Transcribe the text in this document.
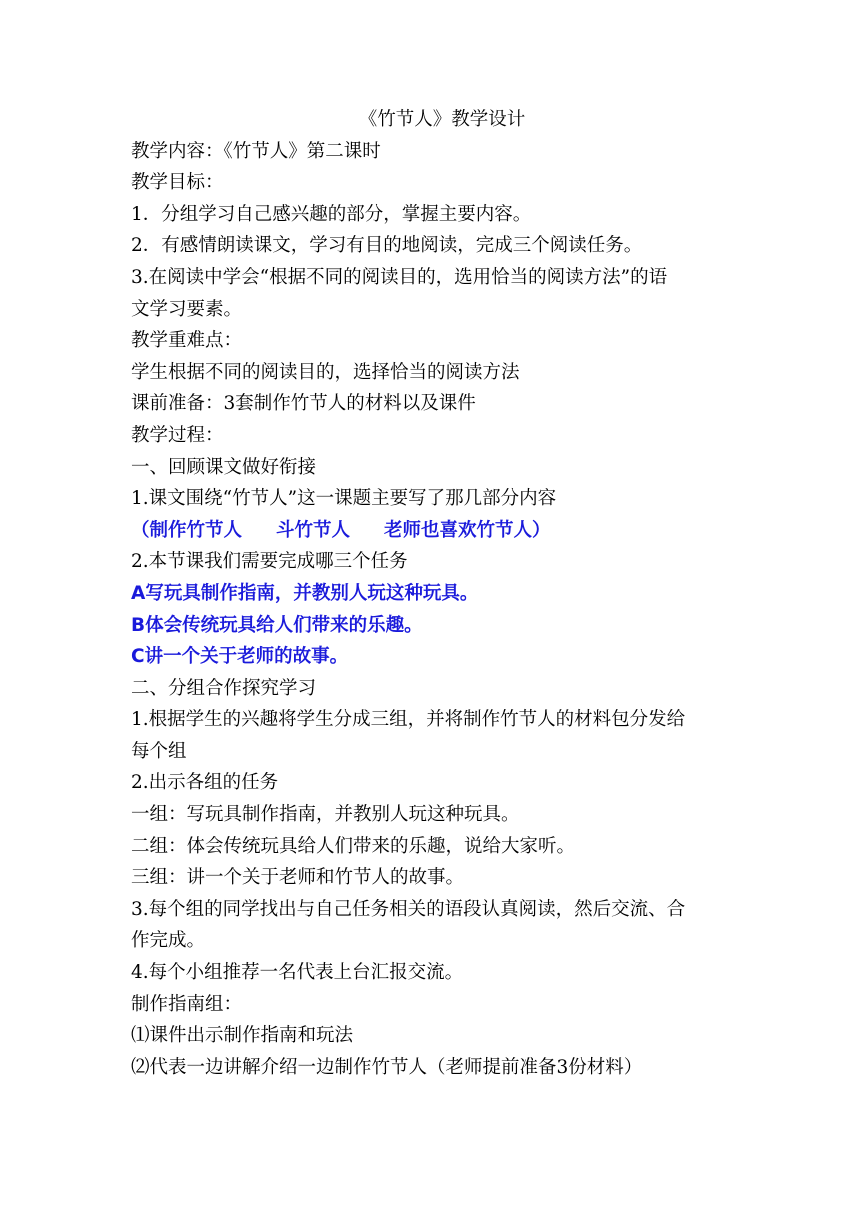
《竹节人》教学设计
教学内容：《竹节人》第二课时
教学目标：
1．分组学习自己感兴趣的部分，掌握主要内容。
2．有感情朗读课文，学习有目的地阅读，完成三个阅读任务。
3.在阅读中学会“根据不同的阅读目的，选用恰当的阅读方法”的语
文学习要素。
教学重难点：
学生根据不同的阅读目的，选择恰当的阅读方法
课前准备：3套制作竹节人的材料以及课件
教学过程：
一、回顾课文做好衔接
1.课文围绕“竹节人”这一课题主要写了那几部分内容
（制作竹节人 斗竹节人 老师也喜欢竹节人）
2.本节课我们需要完成哪三个任务
A写玩具制作指南，并教别人玩这种玩具。
B体会传统玩具给人们带来的乐趣。
C讲一个关于老师的故事。
二、分组合作探究学习
1.根据学生的兴趣将学生分成三组，并将制作竹节人的材料包分发给
每个组
2.出示各组的任务
一组：写玩具制作指南，并教别人玩这种玩具。
二组：体会传统玩具给人们带来的乐趣，说给大家听。
三组：讲一个关于老师和竹节人的故事。
3.每个组的同学找出与自己任务相关的语段认真阅读，然后交流、合
作完成。
4.每个小组推荐一名代表上台汇报交流。
制作指南组：
⑴课件出示制作指南和玩法
⑵代表一边讲解介绍一边制作竹节人（老师提前准备3份材料）
